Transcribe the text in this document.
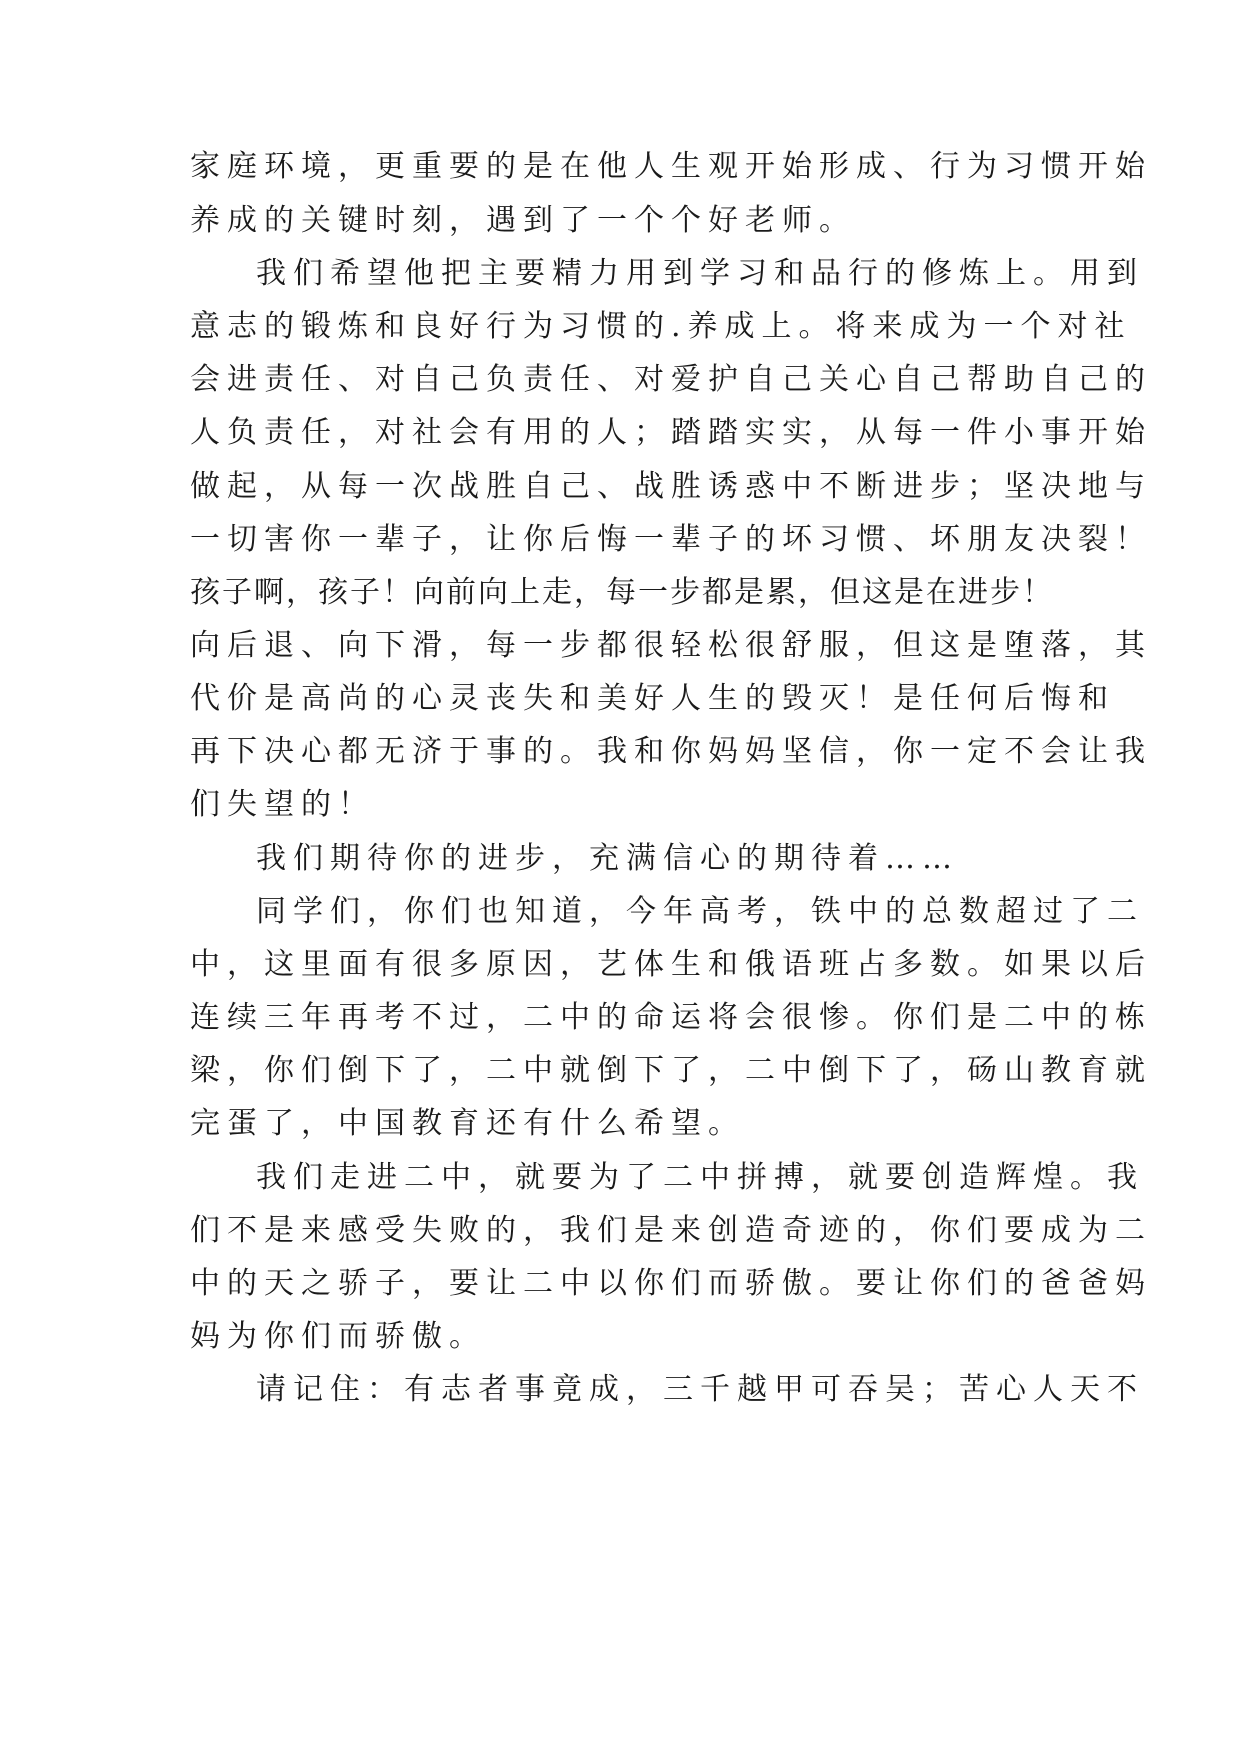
家庭环境，更重要的是在他人生观开始形成、行为习惯开始
养成的关键时刻，遇到了一个个好老师。
我们希望他把主要精力用到学习和品行的修炼上。用到
意志的锻炼和良好行为习惯的.养成上。将来成为一个对社
会进责任、对自己负责任、对爱护自己关心自己帮助自己的
人负责任，对社会有用的人；踏踏实实，从每一件小事开始
做起，从每一次战胜自己、战胜诱惑中不断进步；坚决地与
一切害你一辈子，让你后悔一辈子的坏习惯、坏朋友决裂！
孩子啊，孩子！向前向上走，每一步都是累，但这是在进步！
向后退、向下滑，每一步都很轻松很舒服，但这是堕落，其
代价是高尚的心灵丧失和美好人生的毁灭！是任何后悔和
再下决心都无济于事的。我和你妈妈坚信，你一定不会让我
们失望的！
我们期待你的进步，充满信心的期待着……
同学们，你们也知道，今年高考，铁中的总数超过了二
中，这里面有很多原因，艺体生和俄语班占多数。如果以后
连续三年再考不过，二中的命运将会很惨。你们是二中的栋
梁，你们倒下了，二中就倒下了，二中倒下了，砀山教育就
完蛋了，中国教育还有什么希望。
我们走进二中，就要为了二中拼搏，就要创造辉煌。我
们不是来感受失败的，我们是来创造奇迹的，你们要成为二
中的天之骄子，要让二中以你们而骄傲。要让你们的爸爸妈
妈为你们而骄傲。
请记住：有志者事竟成，三千越甲可吞吴；苦心人天不
